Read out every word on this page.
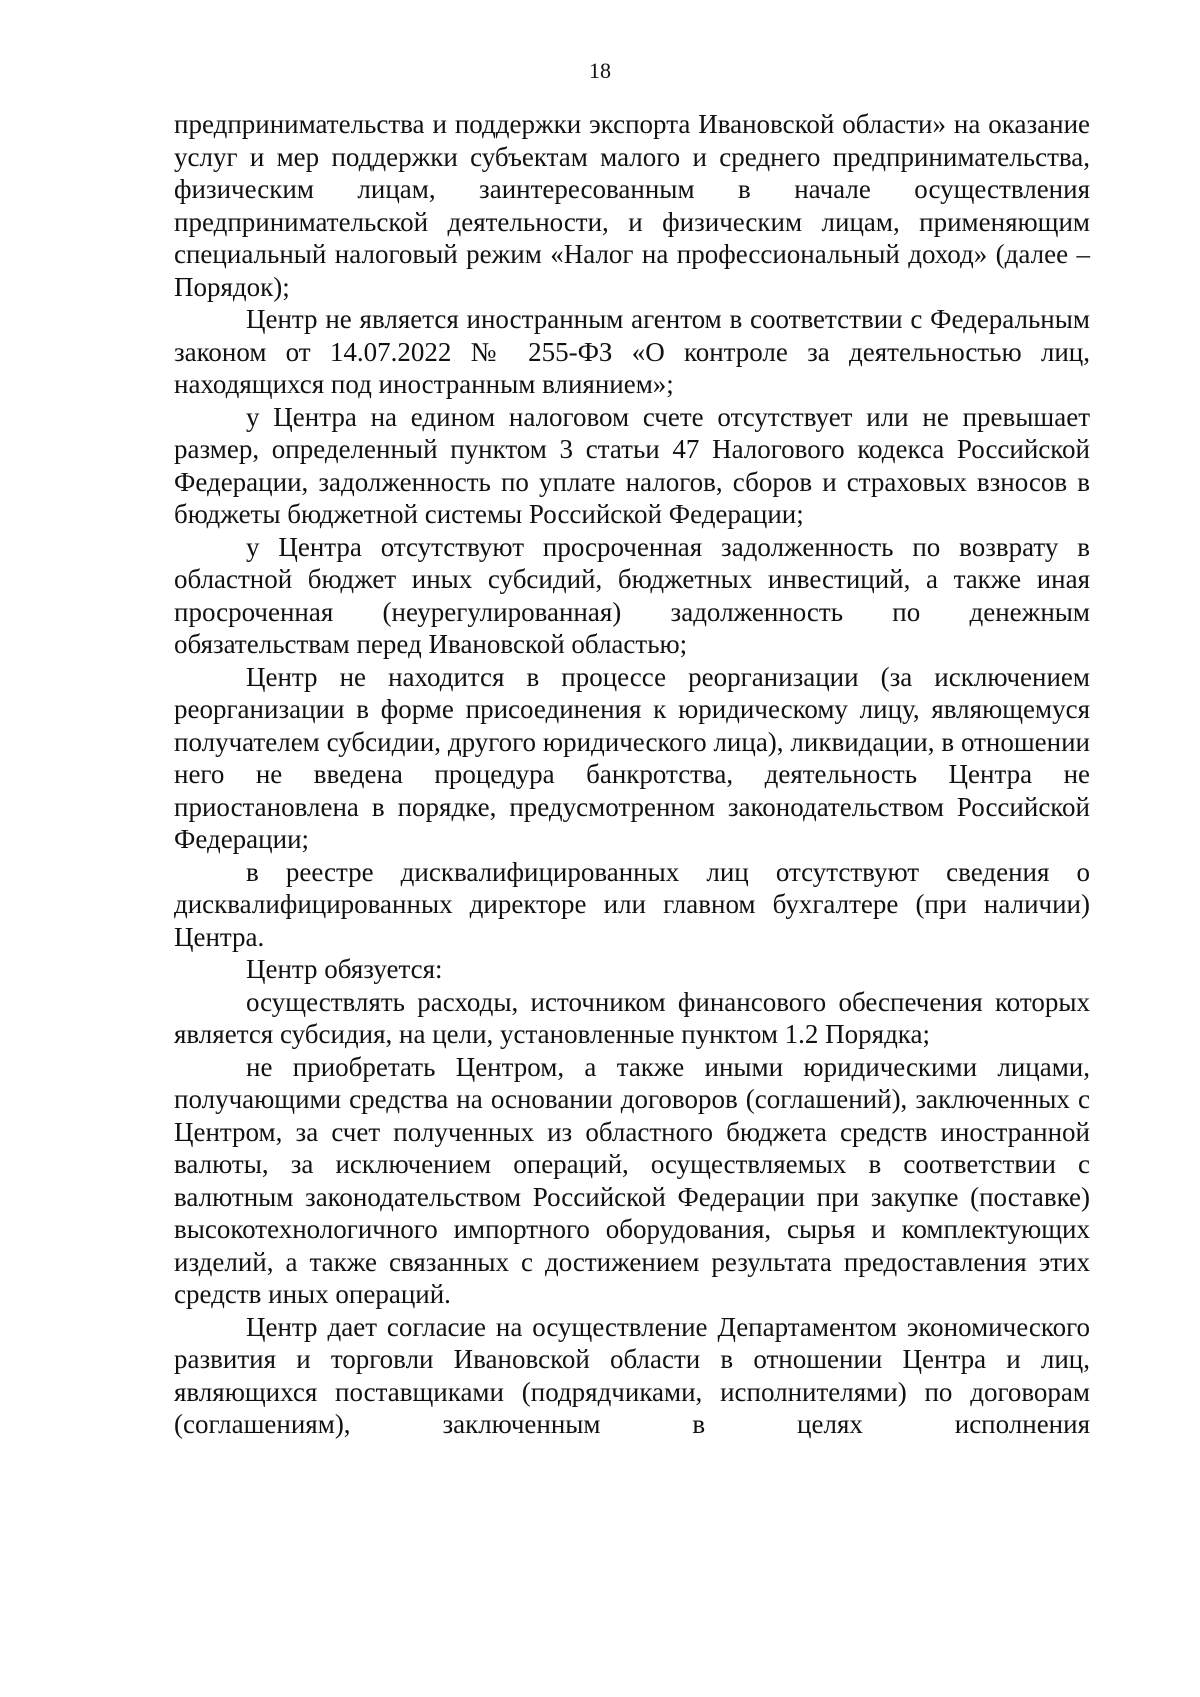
18

предпринимательства и поддержки экспорта Ивановской области» на оказание услуг и мер поддержки субъектам малого и среднего предпринимательства, физическим лицам, заинтересованным в начале осуществления предпринимательской деятельности, и физическим лицам, применяющим специальный налоговый режим «Налог на профессиональный доход» (далее – Порядок);

Центр не является иностранным агентом в соответствии с Федеральным законом от 14.07.2022 № 255-ФЗ «О контроле за деятельностью лиц, находящихся под иностранным влиянием»;

у Центра на едином налоговом счете отсутствует или не превышает размер, определенный пунктом 3 статьи 47 Налогового кодекса Российской Федерации, задолженность по уплате налогов, сборов и страховых взносов в бюджеты бюджетной системы Российской Федерации;

у Центра отсутствуют просроченная задолженность по возврату в областной бюджет иных субсидий, бюджетных инвестиций, а также иная просроченная (неурегулированная) задолженность по денежным обязательствам перед Ивановской областью;

Центр не находится в процессе реорганизации (за исключением реорганизации в форме присоединения к юридическому лицу, являющемуся получателем субсидии, другого юридического лица), ликвидации, в отношении него не введена процедура банкротства, деятельность Центра не приостановлена в порядке, предусмотренном законодательством Российской Федерации;

в реестре дисквалифицированных лиц отсутствуют сведения о дисквалифицированных директоре или главном бухгалтере (при наличии) Центра.

Центр обязуется:

осуществлять расходы, источником финансового обеспечения которых является субсидия, на цели, установленные пунктом 1.2 Порядка;

не приобретать Центром, а также иными юридическими лицами, получающими средства на основании договоров (соглашений), заключенных с Центром, за счет полученных из областного бюджета средств иностранной валюты, за исключением операций, осуществляемых в соответствии с валютным законодательством Российской Федерации при закупке (поставке) высокотехнологичного импортного оборудования, сырья и комплектующих изделий, а также связанных с достижением результата предоставления этих средств иных операций.

Центр дает согласие на осуществление Департаментом экономического развития и торговли Ивановской области в отношении Центра и лиц, являющихся поставщиками (подрядчиками, исполнителями) по договорам (соглашениям), заключенным в целях исполнения
